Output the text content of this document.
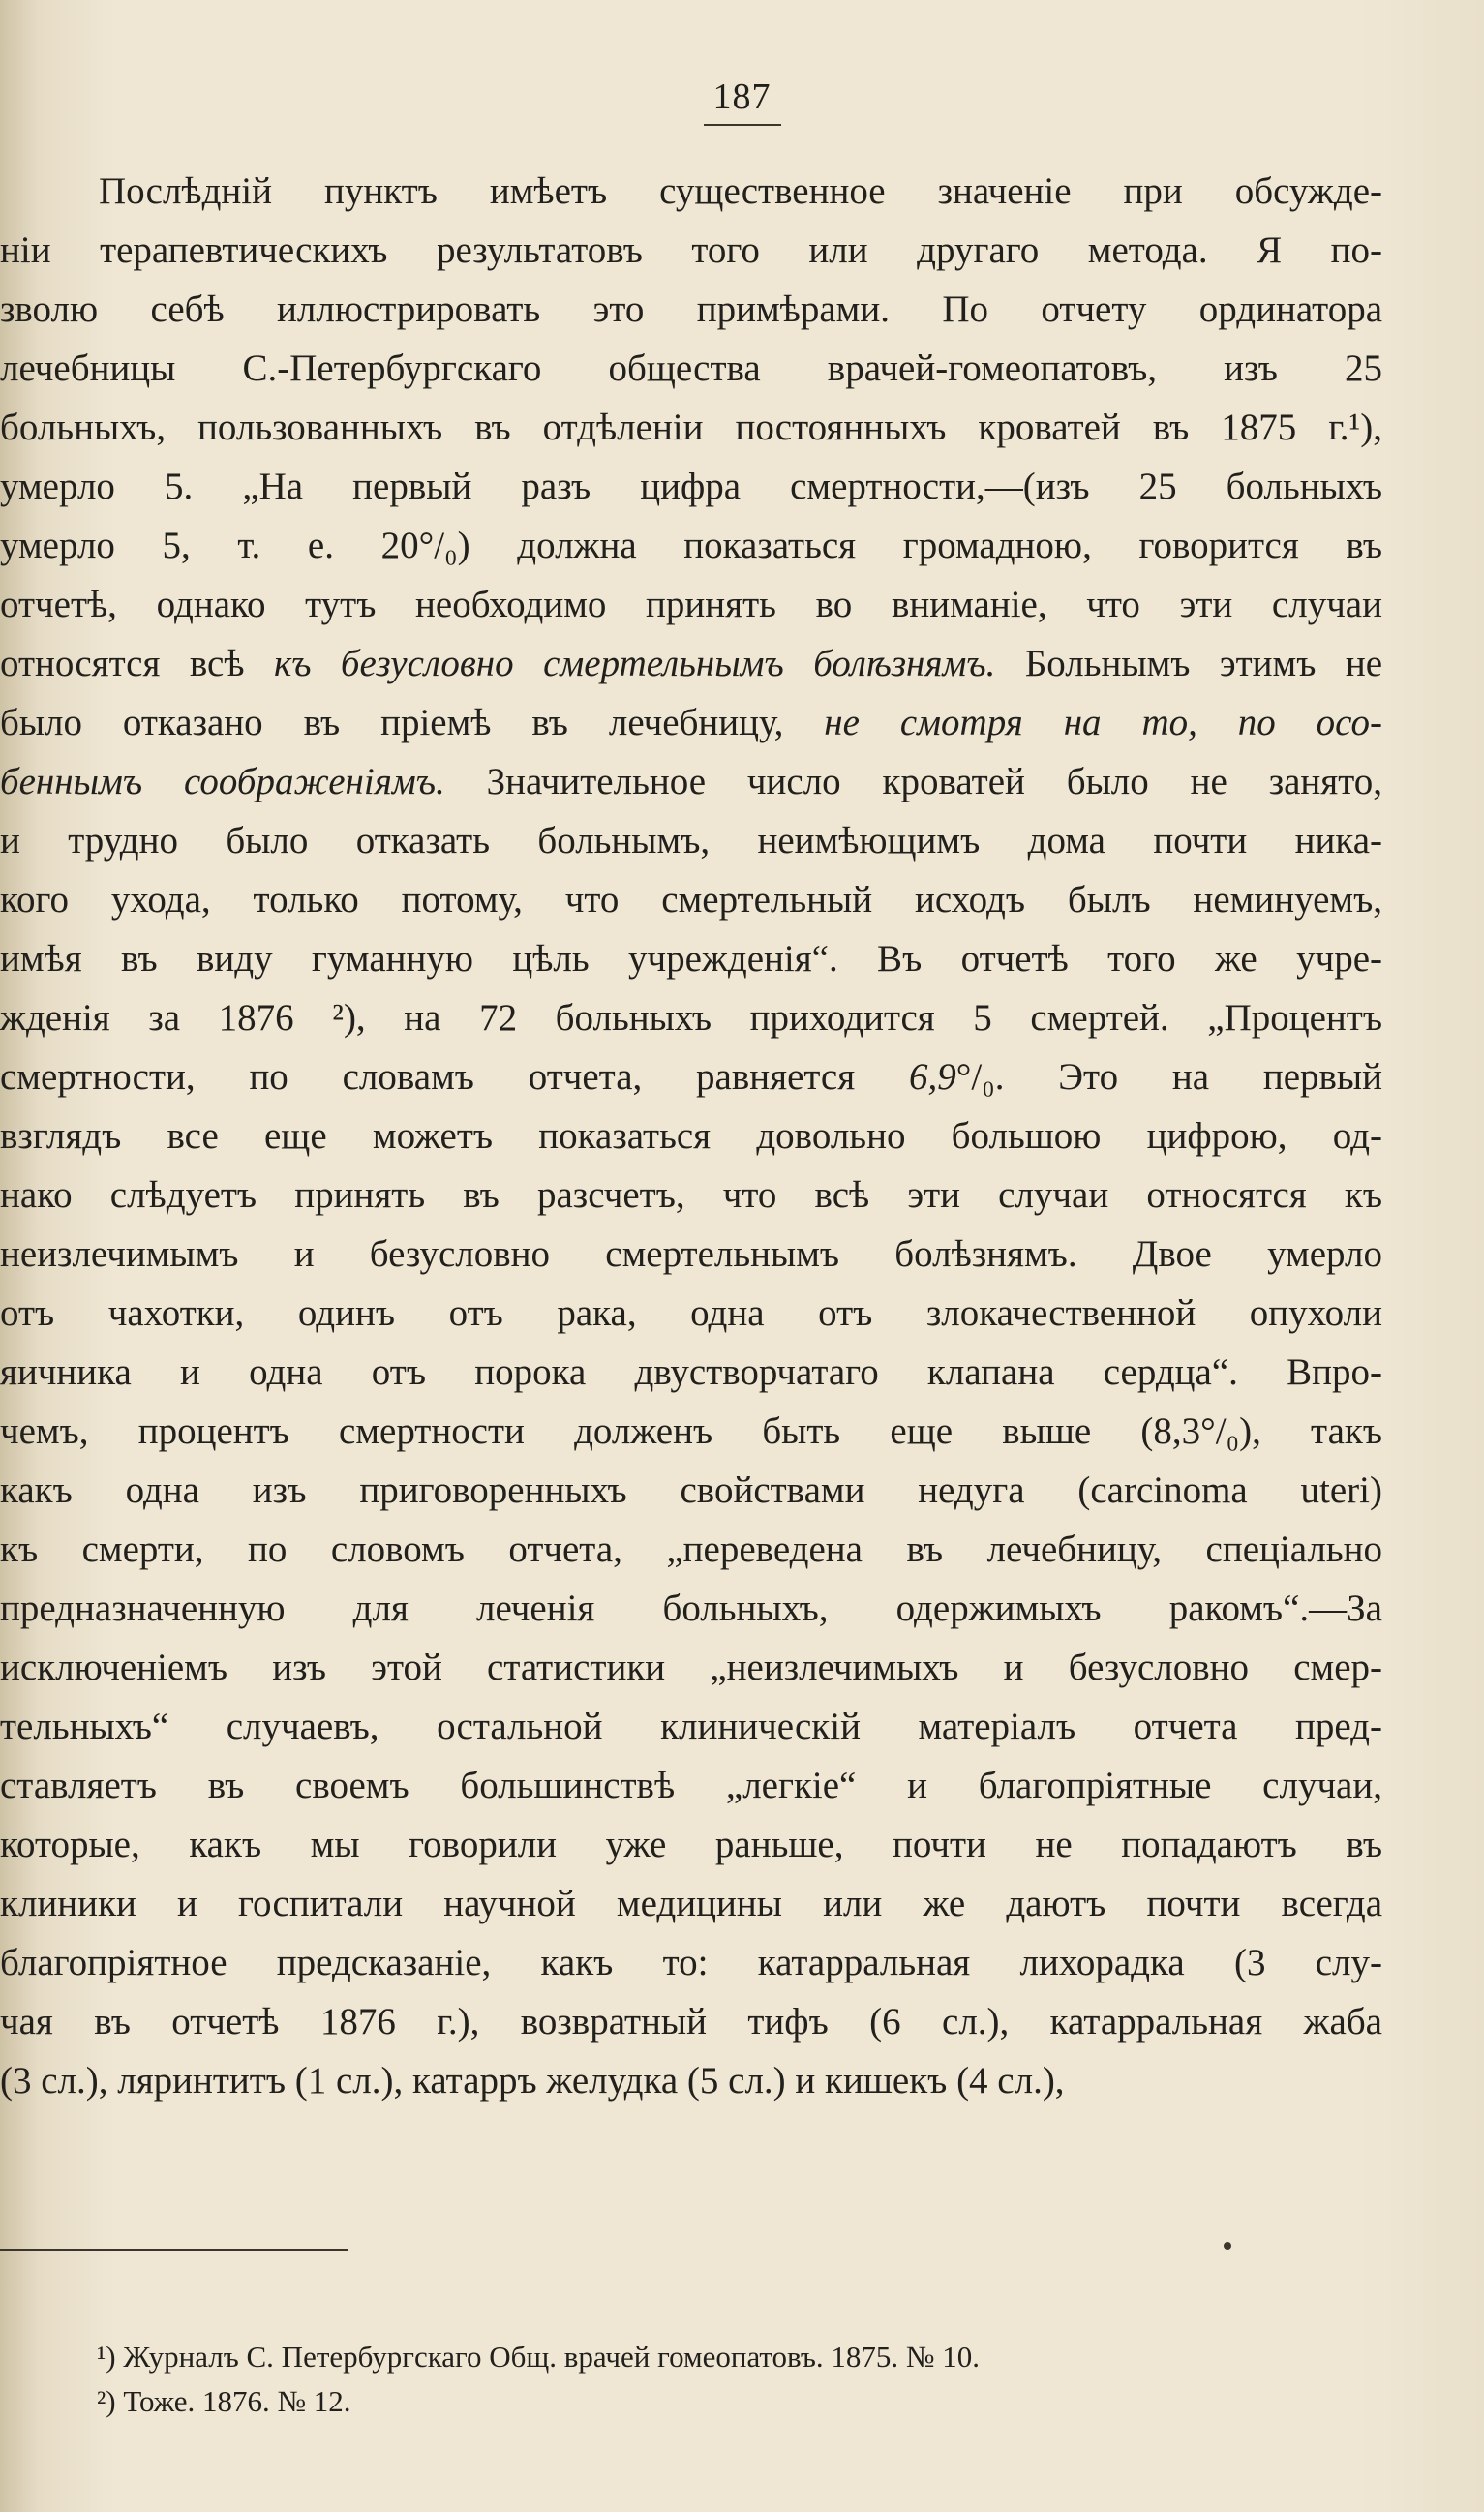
187
Послѣдній пунктъ имѣетъ существенное значеніе при обсужде-
ніи терапевтическихъ результатовъ того или другаго метода. Я по-
зволю себѣ иллюстрировать это примѣрами. По отчету ординатора
лечебницы С.-Петербургскаго общества врачей-гомеопатовъ, изъ 25
больныхъ, пользованныхъ въ отдѣленіи постоянныхъ кроватей въ 1875 г.¹),
умерло 5. „На первый разъ цифра смертности,—(изъ 25 больныхъ
умерло 5, т. е. 20°/₀) должна показаться громадною, говорится въ
отчетѣ, однако тутъ необходимо принять во вниманіе, что эти случаи
относятся всѣ къ безусловно смертельнымъ болѣзнямъ. Больнымъ этимъ не
было отказано въ пріемѣ въ лечебницу, не смотря на то, по осо-
беннымъ соображеніямъ. Значительное число кроватей было не занято,
и трудно было отказать больнымъ, неимѣющимъ дома почти ника-
кого ухода, только потому, что смертельный исходъ былъ неминуемъ,
имѣя въ виду гуманную цѣль учрежденія“. Въ отчетѣ того же учре-
жденія за 1876 ²), на 72 больныхъ приходится 5 смертей. „Процентъ
смертности, по словамъ отчета, равняется 6,9°/₀. Это на первый
взглядъ все еще можетъ показаться довольно большою цифрою, од-
нако слѣдуетъ принять въ разсчетъ, что всѣ эти случаи относятся къ
неизлечимымъ и безусловно смертельнымъ болѣзнямъ. Двое умерло
отъ чахотки, одинъ отъ рака, одна отъ злокачественной опухоли
яичника и одна отъ порока двустворчатаго клапана сердца“. Впро-
чемъ, процентъ смертности долженъ быть еще выше (8,3°/₀), такъ
какъ одна изъ приговоренныхъ свойствами недуга (carcinoma uteri)
къ смерти, по словомъ отчета, „переведена въ лечебницу, спеціально
предназначенную для леченія больныхъ, одержимыхъ ракомъ“.—За
исключеніемъ изъ этой статистики „неизлечимыхъ и безусловно смер-
тельныхъ“ случаевъ, остальной клиническій матеріалъ отчета пред-
ставляетъ въ своемъ большинствѣ „легкіе“ и благопріятные случаи,
которые, какъ мы говорили уже раньше, почти не попадаютъ въ
клиники и госпитали научной медицины или же даютъ почти всегда
благопріятное предсказаніе, какъ то: катарральная лихорадка (3 слу-
чая въ отчетѣ 1876 г.), возвратный тифъ (6 сл.), катарральная жаба
(3 сл.), ляринтитъ (1 сл.), катарръ желудка (5 сл.) и кишекъ (4 сл.),
¹) Журналъ С. Петербургскаго Общ. врачей гомеопатовъ. 1875. № 10.
²) Тоже. 1876. № 12.
